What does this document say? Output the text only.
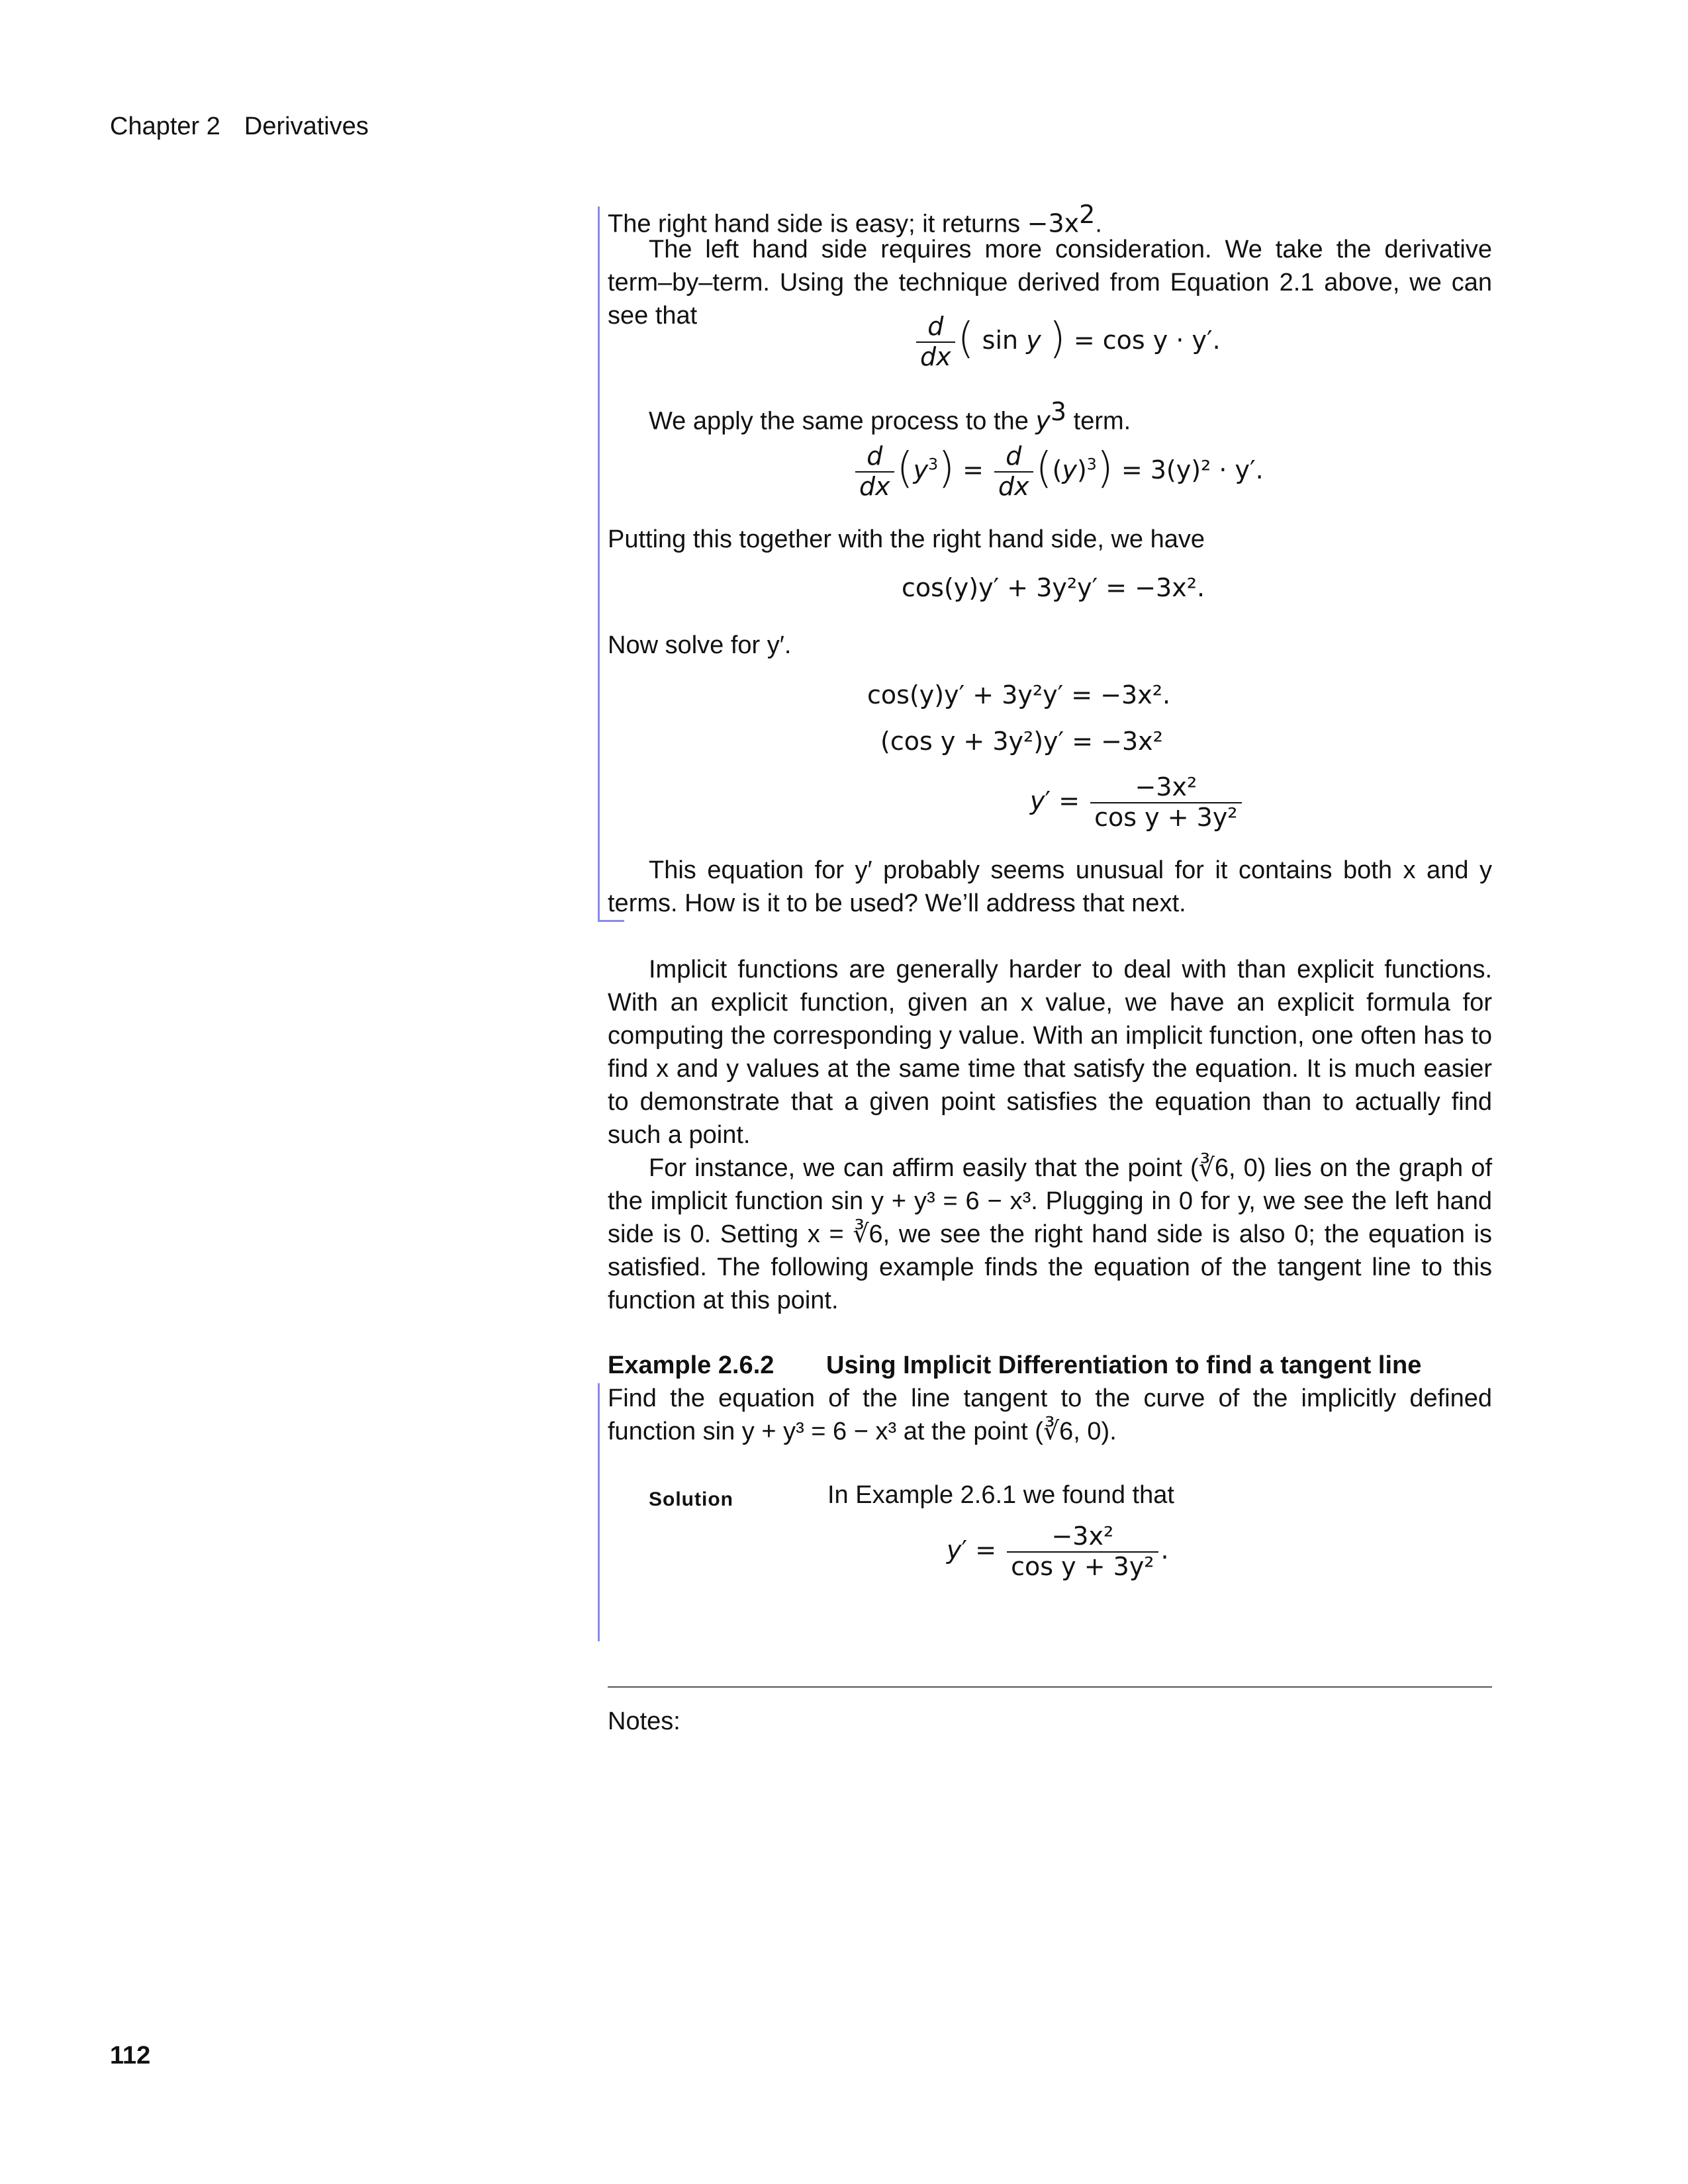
Chapter 2 Derivatives
The right hand side is easy; it returns $-3x^2$.
The left hand side requires more consideration. We take the derivative term–by–term. Using the technique derived from Equation 2.1 above, we can see that	$\frac{d}{dx}$ ( sin y ) = cos y · y′.
We apply the same process to the $y^3$ term.
$\frac{d}{dx} (y^3) = \frac{d}{dx} ((y)^3) = 3(y)^2 \cdot y'$.
Putting this together with the right hand side, we have
cos(y)y′ + 3y²y′ = −3x².
Now solve for y′.
cos(y)y′ + 3y²y′ = −3x².
(cos y + 3y²)y′ = −3x²
$y' = \frac{\text{−3x²}}{\text{cos y + 3y²}}$
This equation for y′ probably seems unusual for it contains both x and y terms. How is it to be used? We’ll address that next.
Implicit functions are generally harder to deal with than explicit functions. With an explicit function, given an x value, we have an explicit formula for computing the corresponding y value. With an implicit function, one often has to find x and y values at the same time that satisfy the equation. It is much easier to demonstrate that a given point satisfies the equation than to actually find such a point.
For instance, we can affirm easily that the point (∛6, 0) lies on the graph of the implicit function sin y + y³ = 6 − x³. Plugging in 0 for y, we see the left hand side is 0. Setting x = ∛6, we see the right hand side is also 0; the equation is satisfied. The following example finds the equation of the tangent line to this function at this point.
Example 2.6.2 Using Implicit Differentiation to find a tangent line
Find the equation of the line tangent to the curve of the implicitly defined function sin y + y³ = 6 − x³ at the point (∛6, 0).
Solution	In Example 2.6.1 we found that
$y' = \frac{\text{−3x²}}{\text{cos y + 3y²}}$ .
Notes:
112
